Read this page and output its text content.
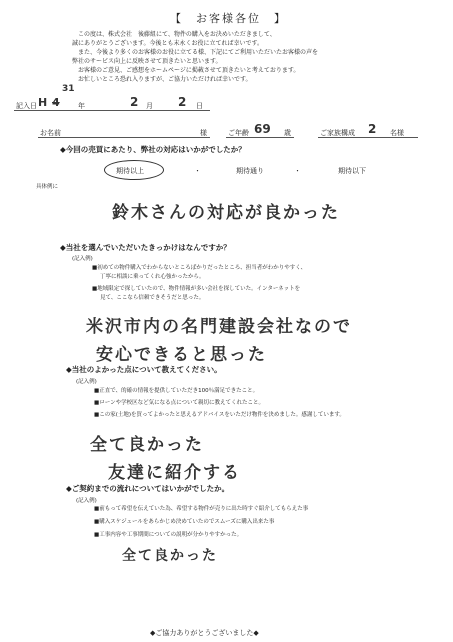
【　お客様各位　】
この度は、株式会社　後藤組にて、物件の購入をお決めいただきまして、
誠にありがとうございます。今後とも末永くお役に立てれば幸いです。
また、今後より多くのお客様のお役に立てる様、下記にてご利用いただいたお客様の声を
弊社のサービス向上に反映させて頂きたいと思います。
お客様のご意見、ご感想をホームページに掲載させて頂きたいと考えております。
お忙しいところ恐れ入りますが、ご協力いただければ幸いです。
記入日 H 4
31
年	2 月 2 日
お名前	様	ご年齢 69 歳	ご家族構成 2 名様
◆今回の売買にあたり、弊社の対応はいかがでしたか？
期待以上	・	期待通り	・	期待以下
具体例に
鈴木さんの対応が良かった
◆当社を選んでいただいたきっかけはなんですか？
(記入例)
■初めての物件購入でわからないところばかりだったところ、担当者がわかりやすく、
丁寧に相談に乗ってくれ心強かったから。
■地域限定で探していたので、物件情報が多い会社を探していた。インターネットを
見て、ここなら信頼できそうだと思った。
米沢市内の名門建設会社なので
安心できると思った
◆当社のよかった点について教えてください。
(記入例)
■正直で、的確の情報を提供していただき100％満足できたこと。
■ローンや学校区など気になる点について親切に教えてくれたこと。
■この家(土地)を買ってよかったと思えるアドバイスをいただけ物件を決めました。感謝しています。
全て良かった
友達に紹介する
◆ご契約までの流れについてはいかがでしたか。
(記入例)
■前もって希望を伝えていた為、希望する物件が売りに出た時すぐ紹介してもらえた事
■購入スケジュールをあらかじめ決めていたのでスムーズに購入出来た事
■工事内容や工事期間についての説明が分かりやすかった。
全て良かった
◆ご協力ありがとうございました◆
